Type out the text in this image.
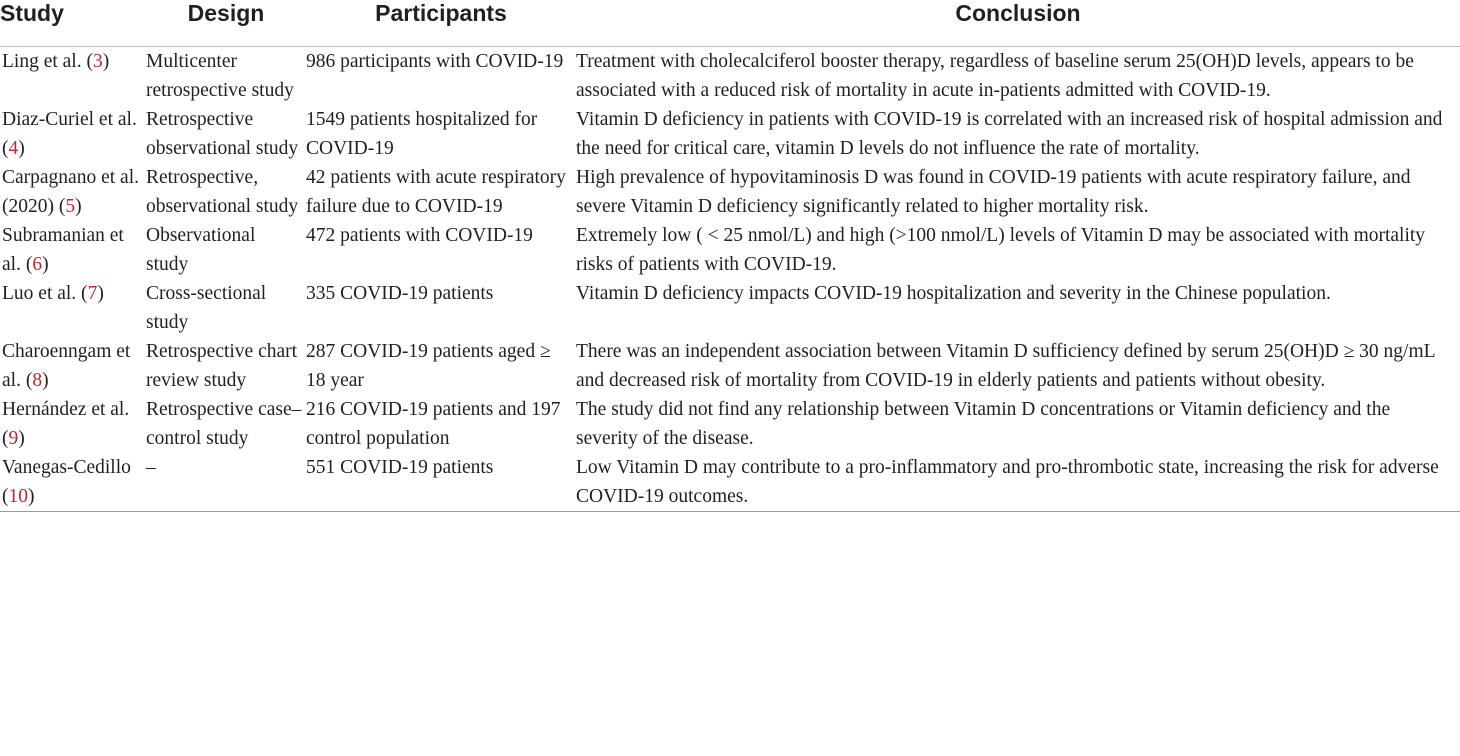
Study	Design	Participants	Conclusion
Ling et al. (3)	Multicenter retrospective study	986 participants with COVID-19	Treatment with cholecalciferol booster therapy, regardless of baseline serum 25(OH)D levels, appears to be associated with a reduced risk of mortality in acute in-patients admitted with COVID-19.
Diaz-Curiel et al. (4)	Retrospective observational study	1549 patients hospitalized for COVID-19	Vitamin D deficiency in patients with COVID-19 is correlated with an increased risk of hospital admission and the need for critical care, vitamin D levels do not influence the rate of mortality.
Carpagnano et al. (2020) (5)	Retrospective, observational study	42 patients with acute respiratory failure due to COVID-19	High prevalence of hypovitaminosis D was found in COVID-19 patients with acute respiratory failure, and severe Vitamin D deficiency significantly related to higher mortality risk.
Subramanian et al. (6)	Observational study	472 patients with COVID-19	Extremely low ( < 25 nmol/L) and high (>100 nmol/L) levels of Vitamin D may be associated with mortality risks of patients with COVID-19.
Luo et al. (7)	Cross-sectional study	335 COVID-19 patients	Vitamin D deficiency impacts COVID-19 hospitalization and severity in the Chinese population.
Charoenngam et al. (8)	Retrospective chart review study	287 COVID-19 patients aged ≥ 18 year	There was an independent association between Vitamin D sufficiency defined by serum 25(OH)D ≥ 30 ng/mL and decreased risk of mortality from COVID-19 in elderly patients and patients without obesity.
Hernández et al. (9)	Retrospective case–control study	216 COVID-19 patients and 197 control population	The study did not find any relationship between Vitamin D concentrations or Vitamin deficiency and the severity of the disease.
Vanegas-Cedillo (10)	–	551 COVID-19 patients	Low Vitamin D may contribute to a pro-inflammatory and pro-thrombotic state, increasing the risk for adverse COVID-19 outcomes.
